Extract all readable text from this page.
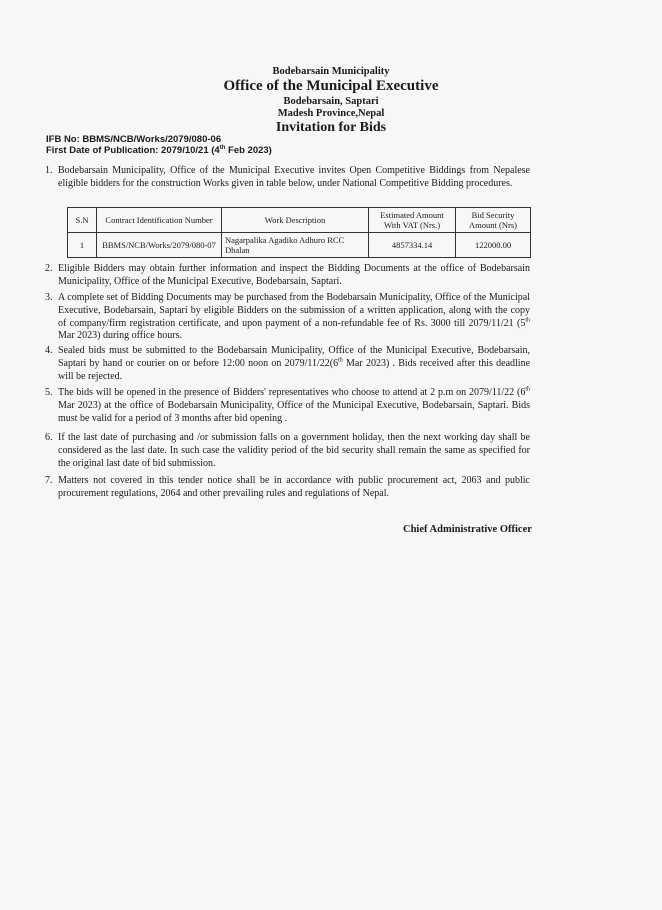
Bodebarsain Municipality
Office of the Municipal Executive
Bodebarsain, Saptari
Madesh Province,Nepal
Invitation for Bids
IFB No: BBMS/NCB/Works/2079/080-06
First Date of Publication: 2079/10/21 (4th Feb 2023)
1. Bodebarsain Municipality, Office of the Municipal Executive invites Open Competitive Biddings from Nepalese eligible bidders for the construction Works given in table below, under National Competitive Bidding procedures.
S.N	Contract Identification Number	Work Description	Estimated Amount With VAT (Nrs.)	Bid Security Amount (Nrs)
1	BBMS/NCB/Works/2079/080-07	Nagarpalika Agadiko Adhuro RCC Dhalan	4857334.14	122000.00
2. Eligible Bidders may obtain further information and inspect the Bidding Documents at the office of Bodebarsain Municipality, Office of the Municipal Executive, Bodebarsain, Saptari.
3. A complete set of Bidding Documents may be purchased from the Bodebarsain Municipality, Office of the Municipal Executive, Bodebarsain, Saptari by eligible Bidders on the submission of a written application, along with the copy of company/firm registration certificate, and upon payment of a non-refundable fee of Rs. 3000 till 2079/11/21 (5th Mar 2023) during office hours.
4. Sealed bids must be submitted to the Bodebarsain Municipality, Office of the Municipal Executive, Bodebarsain, Saptari by hand or courier on or before 12:00 noon on 2079/11/22(6th Mar 2023) . Bids received after this deadline will be rejected.
5. The bids will be opened in the presence of Bidders' representatives who choose to attend at 2 p.m on 2079/11/22 (6th Mar 2023) at the office of Bodebarsain Municipality, Office of the Municipal Executive, Bodebarsain, Saptari. Bids must be valid for a period of 3 months after bid opening .
6. If the last date of purchasing and /or submission falls on a government holiday, then the next working day shall be considered as the last date. In such case the validity period of the bid security shall remain the same as specified for the original last date of bid submission.
7. Matters not covered in this tender notice shall be in accordance with public procurement act, 2063 and public procurement regulations, 2064 and other prevailing rules and regulations of Nepal.
Chief Administrative Officer
